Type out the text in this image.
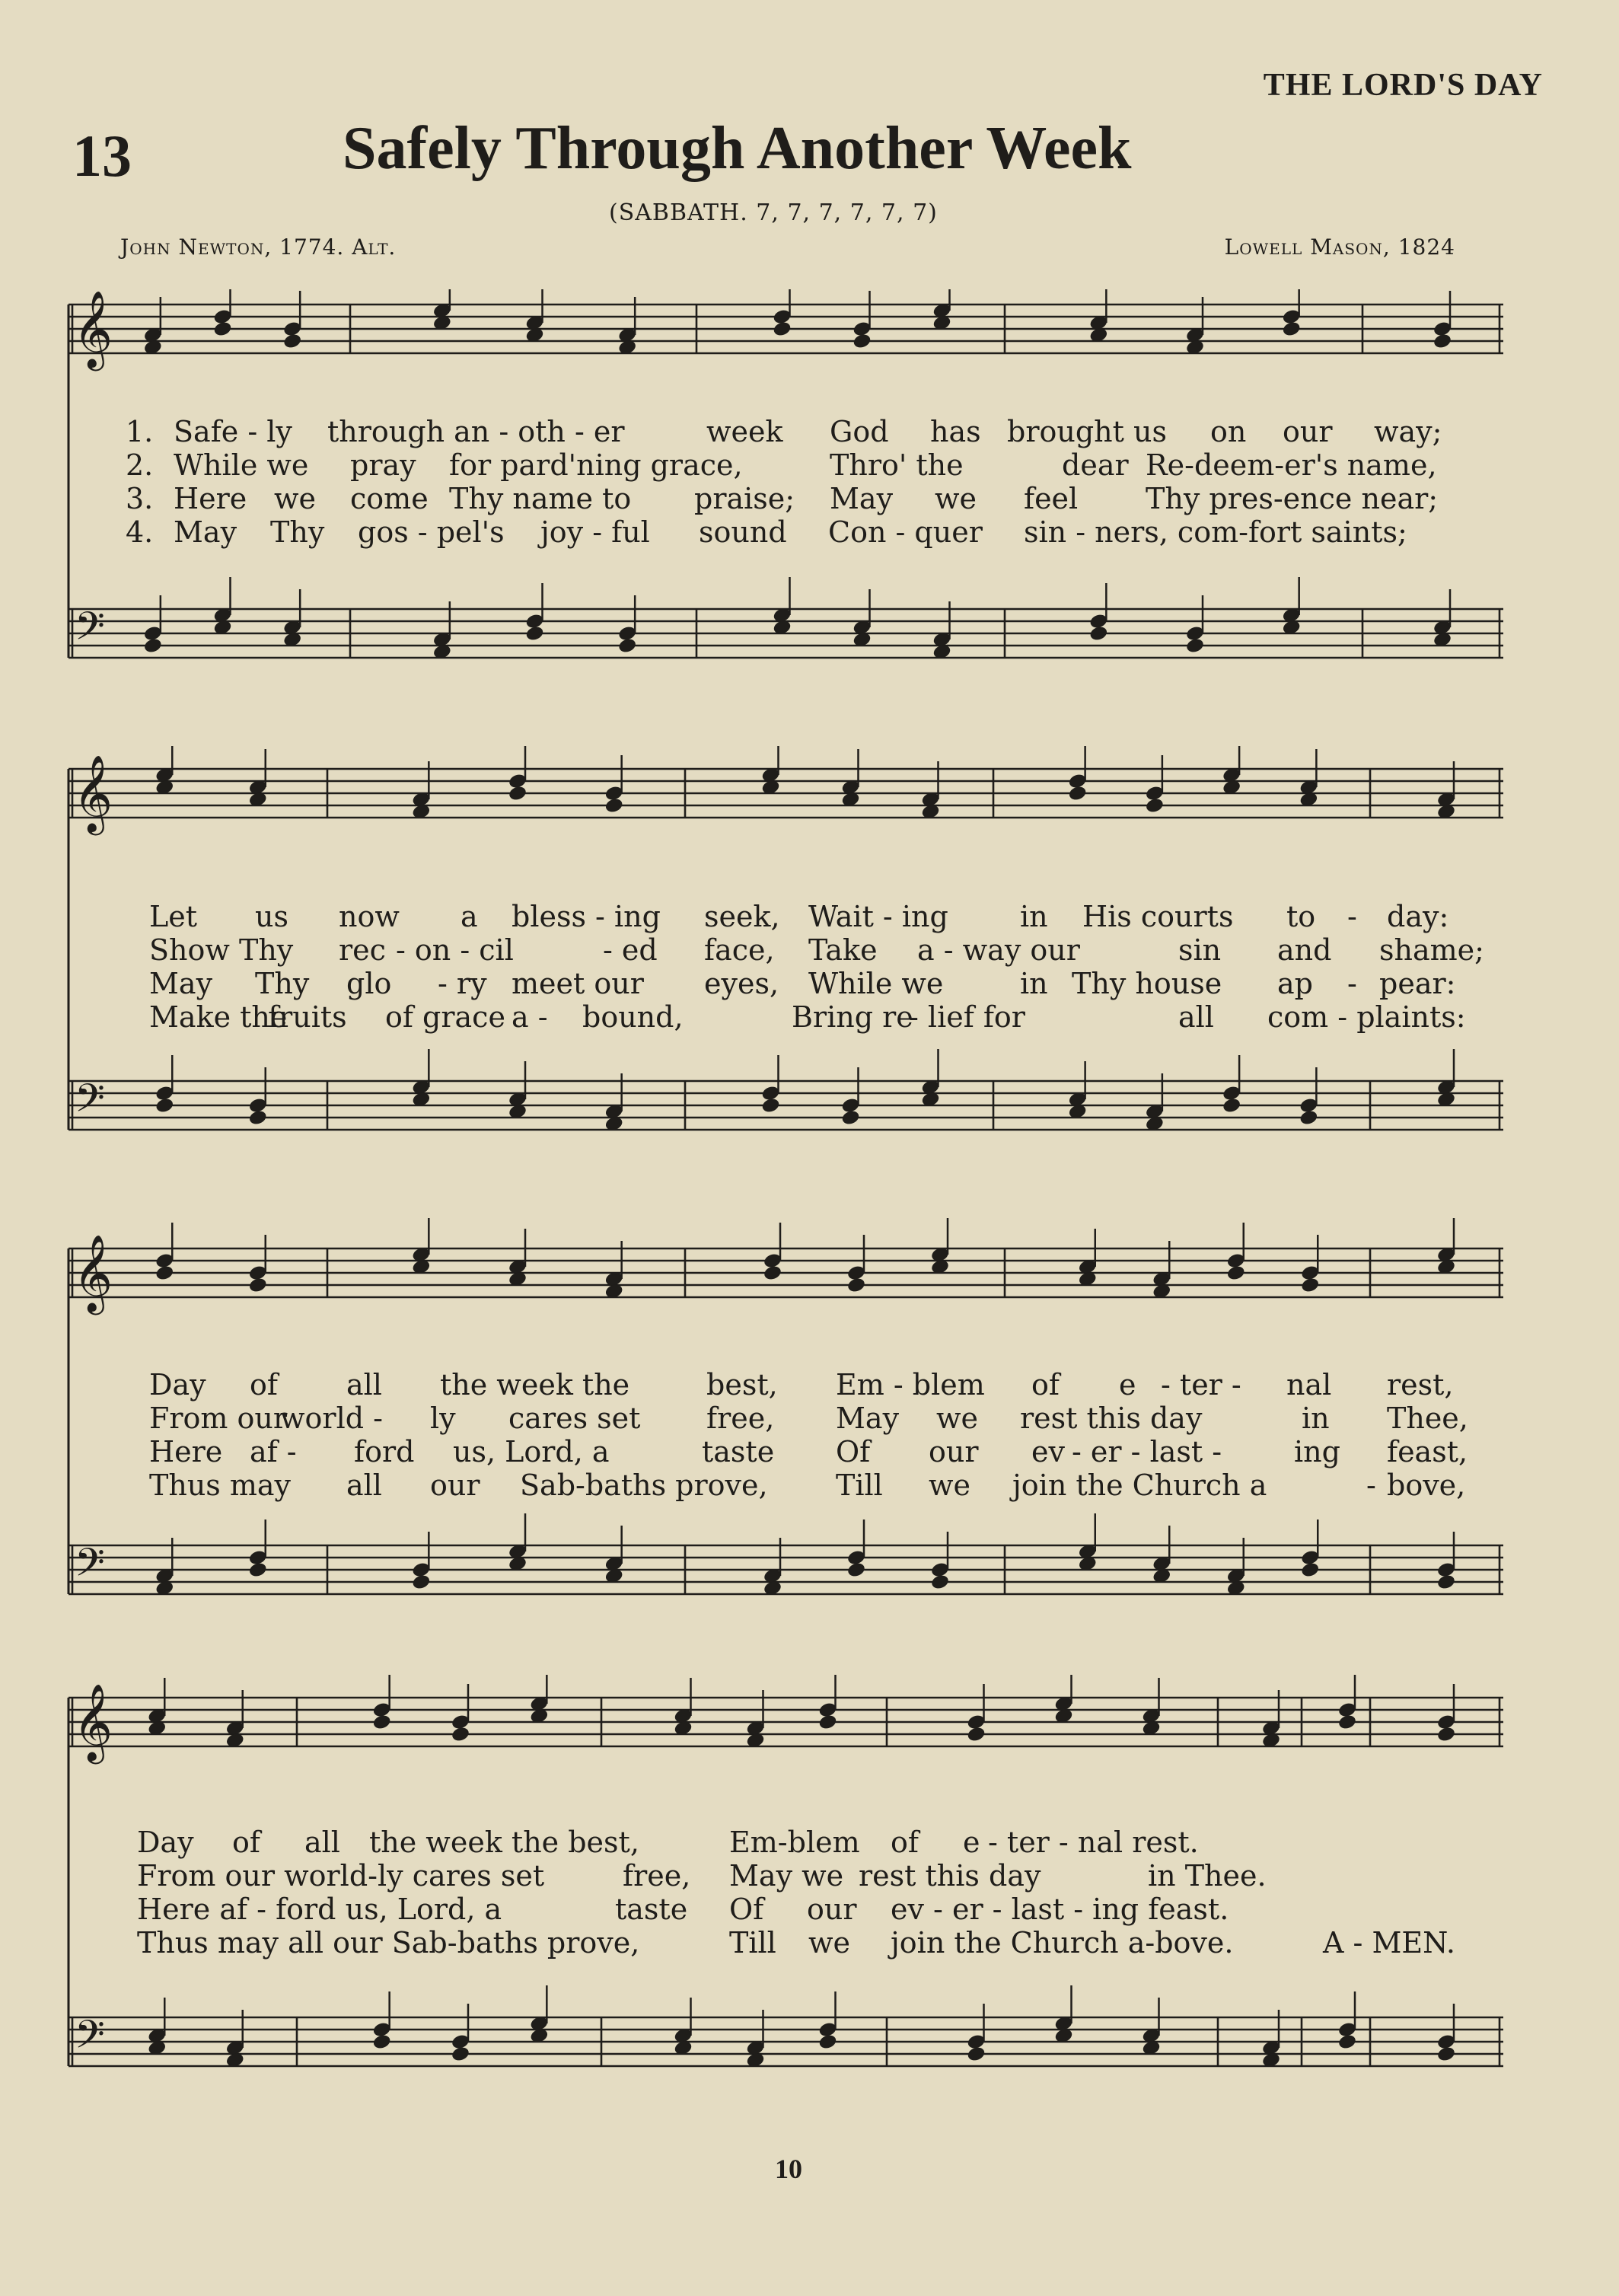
THE LORD'S DAY
13	Safely Through Another Week
(SABBATH. 7, 7, 7, 7, 7, 7)
John Newton, 1774. Alt.	Lowell Mason, 1824
𝄞
𝄢
1. Safe - ly through an - oth - er	week God has brought us on our way;
2. While we pray for pard'ning grace,	Thro' the	dear Re-deem-er's name,
3. Here we come Thy name to praise; May we feel Thy pres-ence near;
4. May Thy gos - pel's joy - ful sound Con - quer sin - ners, com-fort saints;
𝄞
𝄢
Let us now a bless - ing seek, Wait - ing in His courts to - day:
Show Thy rec - on - cil	- ed face, Take a - way our	sin and shame;
May Thy glo - ry meet our eyes, While we	in Thy house ap - pear:
Make the
fruits of grace a - bound,	Bring re
- lief for	all com - plaints:
𝄞
𝄢
Day of all the week the	best, Em - blem of e - ter - nal rest,
From our
world - ly cares set free, May we rest this day	in Thee,
Here af - ford us, Lord, a	taste Of our ev - er - last - ing feast,
Thus may all our Sab-baths prove, Till we join the Church a	- bove,
𝄞
𝄢
Day of all the week the best,	Em-blem of e - ter - nal rest.
From our world-ly cares set	free, May we rest this day	in Thee.
Here af - ford us, Lord, a	taste Of our ev - er - last - ing feast.
Thus may all our Sab-baths prove,	Till we join the Church a-bove.	A - MEN.
10
